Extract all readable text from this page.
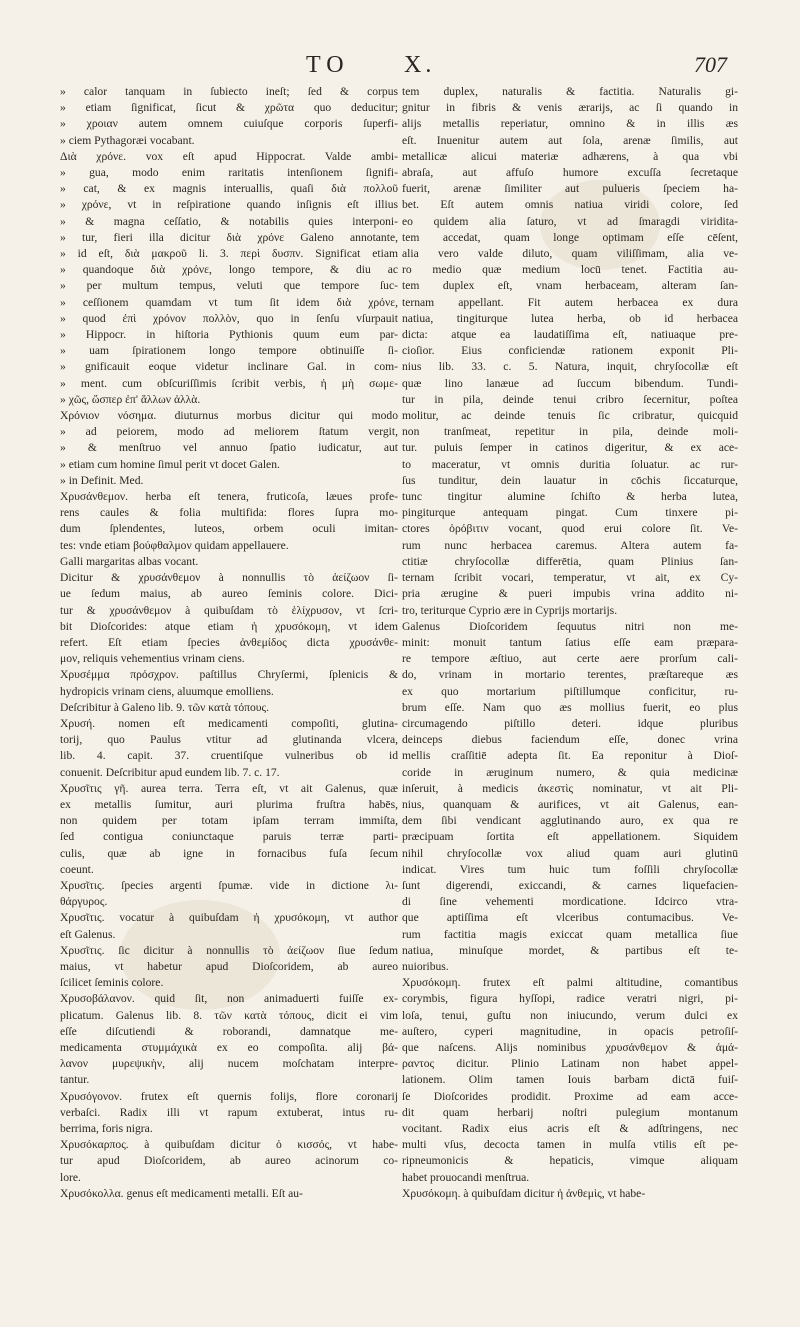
TO X.	707
» calor tanquam in ſubiecto ineſt; ſed & corpus
» etiam ſignificat, ſicut & χρῶτα quo deducitur;
» χροιαν autem omnem cuiuſque corporis ſuperfi-
» ciem Pythagoræi vocabant.
Διὰ χρόνε. vox eſt apud Hippocrat. Valde ambi-
» gua, modo enim raritatis intenſionem ſignifi-
» cat, & ex magnis interuallis, quaſi διὰ πολλοῦ
» χρόνε, vt in reſpiratione quando inſignis eſt illius
» & magna ceſſatio, & notabilis quies interponi-
» tur, fieri illa dicitur διὰ χρόνε Galeno annotante,
» id eſt, διὰ μακροῦ li. 3. περὶ δυσπν. Significat etiam
» quandoque διὰ χρόνε, longo tempore, & diu ac
» per multum tempus, veluti que tempore ſuc-
» ceſſionem quamdam vt tum ſit idem διὰ χρόνε,
» quod ἐπὶ χρόνον πολλὸν, quo in ſenſu vſurpauit
» Hippocr. in hiſtoria Pythionis quum eum par-
» uam ſpirationem longo tempore obtinuiſſe ſi-
» gnificauit eoque videtur inclinare Gal. in com-
» ment. cum obſcuriſſimis ſcribit verbis, ἡ μὴ σωμε-
» χῶς, ὥσπερ ἐπ' ἄλλων ἀλλὰ.
Χρόνιον νόσημα. diuturnus morbus dicitur qui modo
» ad peiorem, modo ad meliorem ſtatum vergit,
» & menſtruo vel annuo ſpatio iudicatur, aut
» etiam cum homine ſimul perit vt docet Galen.
» in Definit. Med.
Χρυσάνθεμον. herba eſt tenera, fruticoſa, læues profe-
rens caules & folia multifida: flores ſupra mo-
dum ſplendentes, luteos, orbem oculi imitan-
tes: vnde etiam βούφθαλμον quidam appellauere.
Galli margaritas albas vocant.
Dicitur & χρυσάνθεμον à nonnullis τὸ ἀείζωον ſi-
ue ſedum maius, ab aureo ſeminis colore. Dici-
tur & χρυσάνθεμον à quibuſdam τὸ ἑλίχρυσον, vt ſcri-
bit Dioſcorides: atque etiam ἡ χρυσόκομη, vt idem
refert. Eſt etiam ſpecies ἀνθεμίδος dicta χρυσάνθε-
μον, reliquis vehementius vrinam ciens.
Χρυσέμμα πρόσχρον. paſtillus Chryſermi, ſplenicis &
hydropicis vrinam ciens, aluumque emolliens.
Deſcribitur à Galeno lib. 9. τῶν κατὰ τόπους.
Χρυσή. nomen eſt medicamenti compoſiti, glutina-
torij, quo Paulus vtitur ad glutinanda vlcera,
lib. 4. capit. 37. cruentiſque vulneribus ob id
conuenit. Deſcribitur apud eundem lib. 7. c. 17.
Χρυσῖτις γῆ. aurea terra. Terra eſt, vt ait Galenus, quæ
ex metallis ſumitur, auri plurima fruſtra habēs,
non quidem per totam ipſam terram immiſta,
ſed contigua coniunctaque paruis terræ parti-
culis, quæ ab igne in fornacibus fuſa ſecum
coeunt.
Χρυσῖτις. ſpecies argenti ſpumæ. vide in dictione λι-
θάργυρος.
Χρυσῖτις. vocatur à quibuſdam ἡ χρυσόκομη, vt author
eſt Galenus.
Χρυσῖτις. ſic dicitur à nonnullis τὸ ἀείζωον ſiue ſedum
maius, vt habetur apud Dioſcoridem, ab aureo
ſcilicet ſeminis colore.
Χρυσοβάλανον. quid ſit, non animaduerti fuiſſe ex-
plicatum. Galenus lib. 8. τῶν κατὰ τόπους, dicit ei vim
eſſe diſcutiendi & roborandi, damnatque me-
medicamenta στυμμάχικὰ ex eo compoſita. alij βά-
λανον μυρεψικὴν, alij nucem moſchatam interpre-
tantur.
Χρυσόγονον. frutex eſt quernis folijs, flore coronarij
verbaſci. Radix illi vt rapum extuberat, intus ru-
berrima, foris nigra.
Χρυσόκαρπος. à quibuſdam dicitur ὁ κισσός, vt habe-
tur apud Dioſcoridem, ab aureo acinorum co-
lore.
Χρυσόκολλα. genus eſt medicamenti metalli. Eſt au-
tem duplex, naturalis & factitia. Naturalis gi-
gnitur in fibris & venis ærarijs, ac ſi quando in
alijs metallis reperiatur, omnino & in illis æs
eſt. Inuenitur autem aut ſola, arenæ ſimilis, aut
metallicæ alicui materiæ adhærens, à qua vbi
abraſa, aut affuſo humore excuſſa ſecretaque
fuerit, arenæ ſimiliter aut pulueris ſpeciem ha-
bet. Eſt autem omnis natiua viridi colore, ſed
eo quidem alia ſaturo, vt ad ſmaragdi viridita-
tem accedat, quam longe optimam eſſe cēſent,
alia vero valde diluto, quam viliſſimam, alia ve-
ro medio quæ medium locū tenet. Factitia au-
tem duplex eſt, vnam herbaceam, alteram ſan-
ternam appellant. Fit autem herbacea ex dura
natiua, tingiturque lutea herba, ob id herbacea
dicta: atque ea laudatiſſima eſt, natiuaque pre-
cioſior. Eius conficiendæ rationem exponit Pli-
nius lib. 33. c. 5. Natura, inquit, chryſocollæ eſt
quæ lino lanæue ad ſuccum bibendum. Tundi-
tur in pila, deinde tenui cribro ſecernitur, poſtea
molitur, ac deinde tenuis ſic cribratur, quicquid
non tranſmeat, repetitur in pila, deinde moli-
tur. puluis ſemper in catinos digeritur, & ex ace-
to maceratur, vt omnis duritia ſoluatur. ac rur-
ſus tunditur, dein lauatur in cōchis ſiccaturque,
tunc tingitur alumine ſchiſto & herba lutea,
pingiturque antequam pingat. Cum tinxere pi-
ctores ὀρόβιτιν vocant, quod erui colore ſit. Ve-
rum nunc herbacea caremus. Altera autem fa-
ctitiæ chryſocollæ differētia, quam Plinius ſan-
ternam ſcribit vocari, temperatur, vt ait, ex Cy-
pria ærugine & pueri impubis vrina addito ni-
tro, teriturque Cyprio ære in Cyprijs mortarijs.
Galenus Dioſcoridem ſequutus nitri non me-
minit: monuit tantum ſatius eſſe eam præpara-
re tempore æſtiuo, aut certe aere prorſum cali-
do, vrinam in mortario terentes, præſtareque æs
ex quo mortarium piſtillumque conficitur, ru-
brum eſſe. Nam quo æs mollius fuerit, eo plus
circumagendo piſtillo deteri. idque pluribus
deinceps diebus faciendum eſſe, donec vrina
mellis craſſitiē adepta ſit. Ea reponitur à Dioſ-
coride in æruginum numero, & quia medicinæ
inſeruit, à medicis ἀκεστὶς nominatur, vt ait Pli-
nius, quanquam & aurifices, vt ait Galenus, ean-
dem ſibi vendicant agglutinando auro, ex qua re
præcipuam ſortita eſt appellationem. Siquidem
nihil chryſocollæ vox aliud quam auri glutinū
indicat. Vires tum huic tum foſſili chryſocollæ
ſunt digerendi, exiccandi, & carnes liquefacien-
di ſine vehementi mordicatione. Idcirco vtra-
que aptiſſima eſt vlceribus contumacibus. Ve-
rum factitia magis exiccat quam metallica ſiue
natiua, minuſque mordet, & partibus eſt te-
nuioribus.
Χρυσόκομη. frutex eſt palmi altitudine, comantibus
corymbis, figura hyſſopi, radice veratri nigri, pi-
loſa, tenui, guſtu non iniucundo, verum dulci ex
auſtero, cyperi magnitudine, in opacis petroſiſ-
que naſcens. Alijs nominibus χρυσάνθεμον & ἀμά-
ραντος dicitur. Plinio Latinam non habet appel-
lationem. Olim tamen Iouis barbam dictā fuiſ-
ſe Dioſcorides prodidit. Proxime ad eam acce-
dit quam herbarij noſtri pulegium montanum
vocitant. Radix eius acris eſt & adſtringens, nec
multi vſus, decocta tamen in mulſa vtilis eſt pe-
ripneumonicis & hepaticis, vimque aliquam
habet prouocandi menſtrua.
Χρυσόκομη. à quibuſdam dicitur ἡ ἀνθεμὶς, vt habe-
